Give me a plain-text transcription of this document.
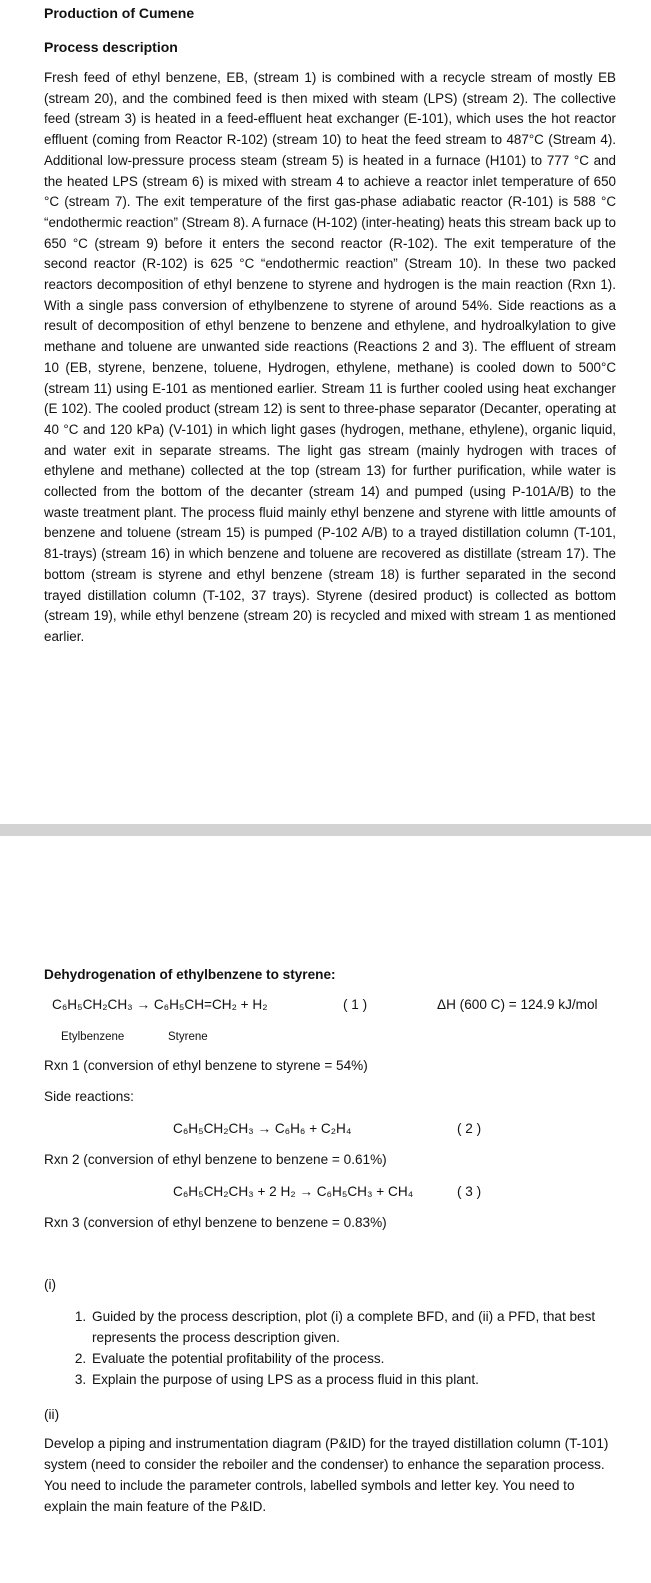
Production of Cumene

Process description

Fresh feed of ethyl benzene, EB, (stream 1) is combined with a recycle stream of mostly EB (stream 20), and the combined feed is then mixed with steam (LPS) (stream 2). The collective feed (stream 3) is heated in a feed-effluent heat exchanger (E-101), which uses the hot reactor effluent (coming from Reactor R-102) (stream 10) to heat the feed stream to 487°C (Stream 4). Additional low-pressure process steam (stream 5) is heated in a furnace (H101) to 777 °C and the heated LPS (stream 6) is mixed with stream 4 to achieve a reactor inlet temperature of 650 °C (stream 7). The exit temperature of the first gas-phase adiabatic reactor (R-101) is 588 °C “endothermic reaction” (Stream 8). A furnace (H-102) (inter-heating) heats this stream back up to 650 °C (stream 9) before it enters the second reactor (R-102). The exit temperature of the second reactor (R-102) is 625 °C “endothermic reaction” (Stream 10). In these two packed reactors decomposition of ethyl benzene to styrene and hydrogen is the main reaction (Rxn 1). With a single pass conversion of ethylbenzene to styrene of around 54%. Side reactions as a result of decomposition of ethyl benzene to benzene and ethylene, and hydroalkylation to give methane and toluene are unwanted side reactions (Reactions 2 and 3). The effluent of stream 10 (EB, styrene, benzene, toluene, Hydrogen, ethylene, methane) is cooled down to 500°C (stream 11) using E-101 as mentioned earlier. Stream 11 is further cooled using heat exchanger (E 102). The cooled product (stream 12) is sent to three-phase separator (Decanter, operating at 40 °C and 120 kPa) (V-101) in which light gases (hydrogen, methane, ethylene), organic liquid, and water exit in separate streams. The light gas stream (mainly hydrogen with traces of ethylene and methane) collected at the top (stream 13) for further purification, while water is collected from the bottom of the decanter (stream 14) and pumped (using P-101A/B) to the waste treatment plant. The process fluid mainly ethyl benzene and styrene with little amounts of benzene and toluene (stream 15) is pumped (P-102 A/B) to a trayed distillation column (T-101, 81-trays) (stream 16) in which benzene and toluene are recovered as distillate (stream 17). The bottom (stream is styrene and ethyl benzene (stream 18) is further separated in the second trayed distillation column (T-102, 37 trays). Styrene (desired product) is collected as bottom (stream 19), while ethyl benzene (stream 20) is recycled and mixed with stream 1 as mentioned earlier.

Dehydrogenation of ethylbenzene to styrene:
C₆H₅CH₂CH₃ → C₆H₅CH=CH₂ + H₂	( 1 )	ΔH (600 C) = 124.9 kJ/mol
Etylbenzene	Styrene
Rxn 1 (conversion of ethyl benzene to styrene = 54%)
Side reactions:
C₆H₅CH₂CH₃ → C₆H₆ + C₂H₄	( 2 )
Rxn 2 (conversion of ethyl benzene to benzene = 0.61%)
C₆H₅CH₂CH₃ + 2 H₂ → C₆H₅CH₃ + CH₄	( 3 )
Rxn 3 (conversion of ethyl benzene to benzene = 0.83%)
(i)
1. Guided by the process description, plot (i) a complete BFD, and (ii) a PFD, that best represents the process description given.
2. Evaluate the potential profitability of the process.
3. Explain the purpose of using LPS as a process fluid in this plant.
(ii)

Develop a piping and instrumentation diagram (P&ID) for the trayed distillation column (T-101) system (need to consider the reboiler and the condenser) to enhance the separation process. You need to include the parameter controls, labelled symbols and letter key. You need to explain the main feature of the P&ID.
